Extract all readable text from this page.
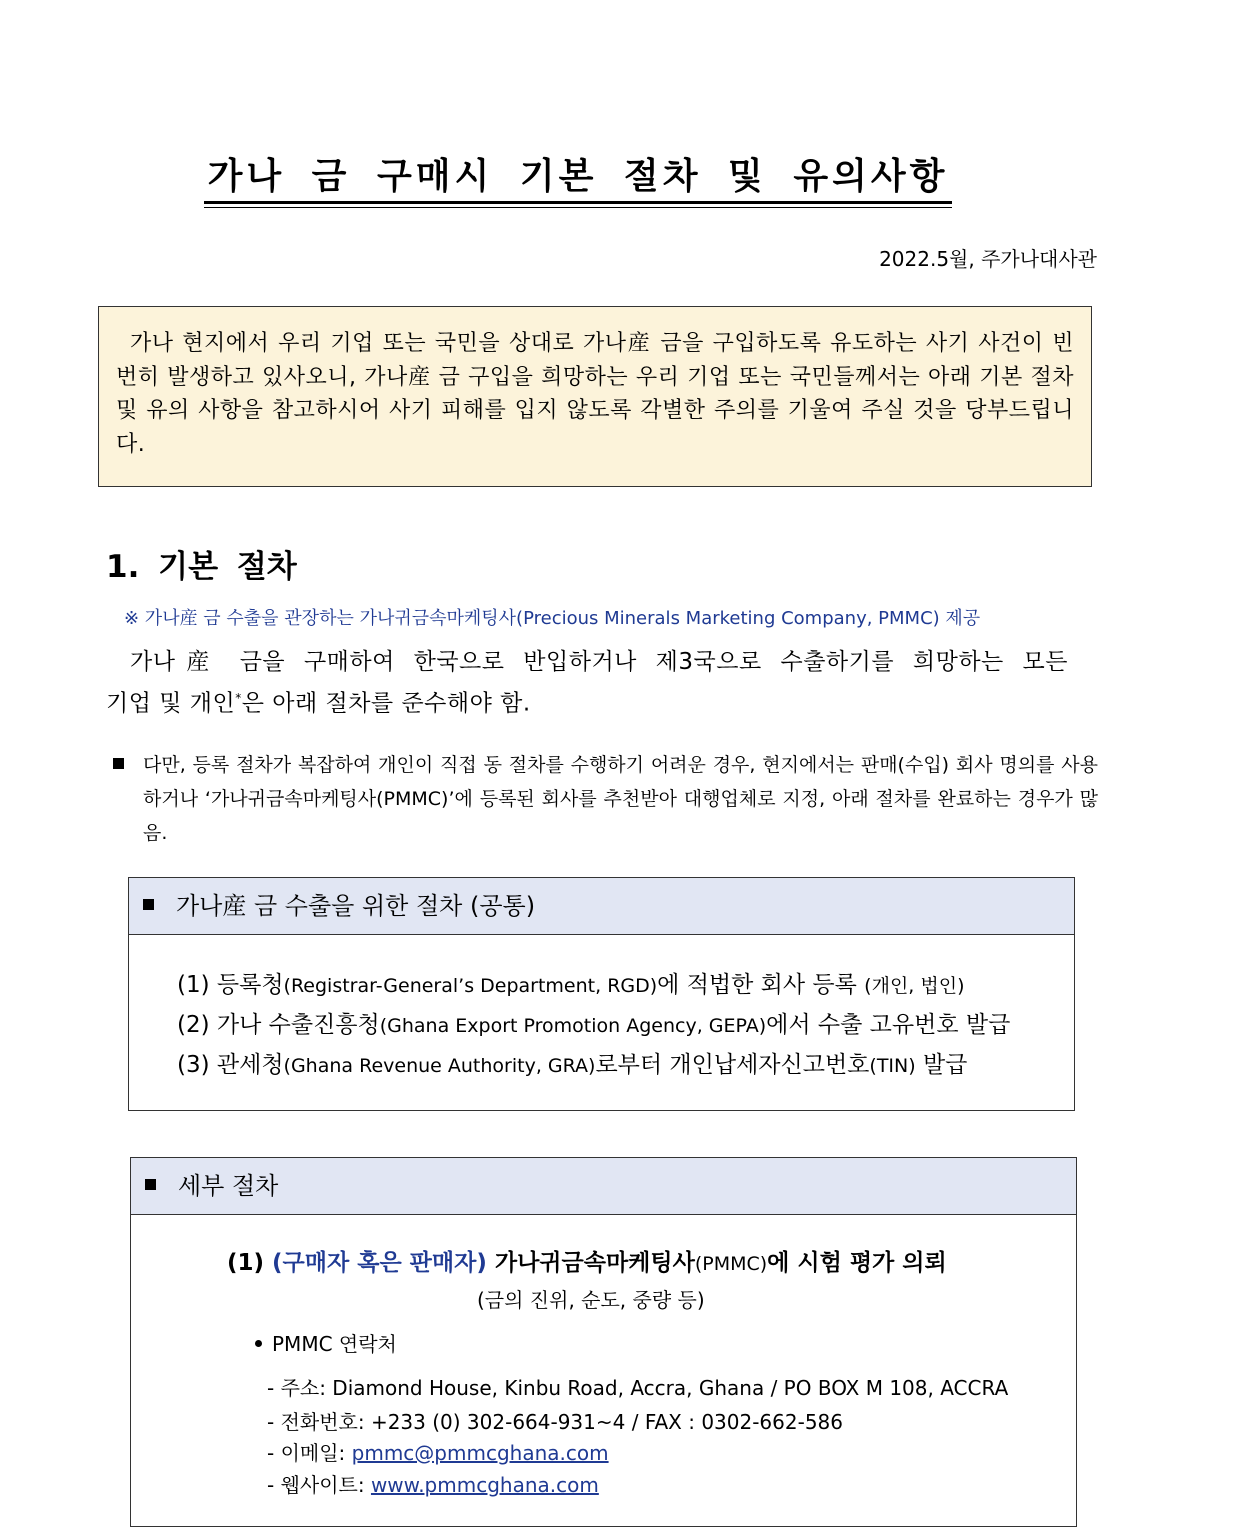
가나 금 구매시 기본 절차 및 유의사항
2022.5월, 주가나대사관
가나 현지에서 우리 기업 또는 국민을 상대로 가나産 금을 구입하도록 유도하는 사기 사건이 빈번히 발생하고 있사오니, 가나産 금 구입을 희망하는 우리 기업 또는 국민들께서는 아래 기본 절차 및 유의 사항을 참고하시어 사기 피해를 입지 않도록 각별한 주의를 기울여 주실 것을 당부드립니다.
1. 기본 절차
※ 가나産 금 수출을 관장하는 가나귀금속마케팅사(Precious Minerals Marketing Company, PMMC) 제공
가나産 금을 구매하여 한국으로 반입하거나 제3국으로 수출하기를 희망하는 모든
기업 및 개인*은 아래 절차를 준수해야 함.
다만, 등록 절차가 복잡하여 개인이 직접 동 절차를 수행하기 어려운 경우, 현지에서는 판매(수입) 회사 명의를 사용하거나 ‘가나귀금속마케팅사(PMMC)’에 등록된 회사를 추천받아 대행업체로 지정, 아래 절차를 완료하는 경우가 많음.
가나産 금 수출을 위한 절차 (공통)
(1) 등록청(Registrar-General’s Department, RGD)에 적법한 회사 등록 (개인, 법인)
(2) 가나 수출진흥청(Ghana Export Promotion Agency, GEPA)에서 수출 고유번호 발급
(3) 관세청(Ghana Revenue Authority, GRA)로부터 개인납세자신고번호(TIN) 발급
세부 절차
(1) (구매자 혹은 판매자) 가나귀금속마케팅사(PMMC)에 시험 평가 의뢰
(금의 진위, 순도, 중량 등)
PMMC 연락처
- 주소: Diamond House, Kinbu Road, Accra, Ghana / PO BOX M 108, ACCRA
- 전화번호: +233 (0) 302-664-931~4 / FAX : 0302-662-586
- 이메일: pmmc@pmmcghana.com
- 웹사이트: www.pmmcghana.com
